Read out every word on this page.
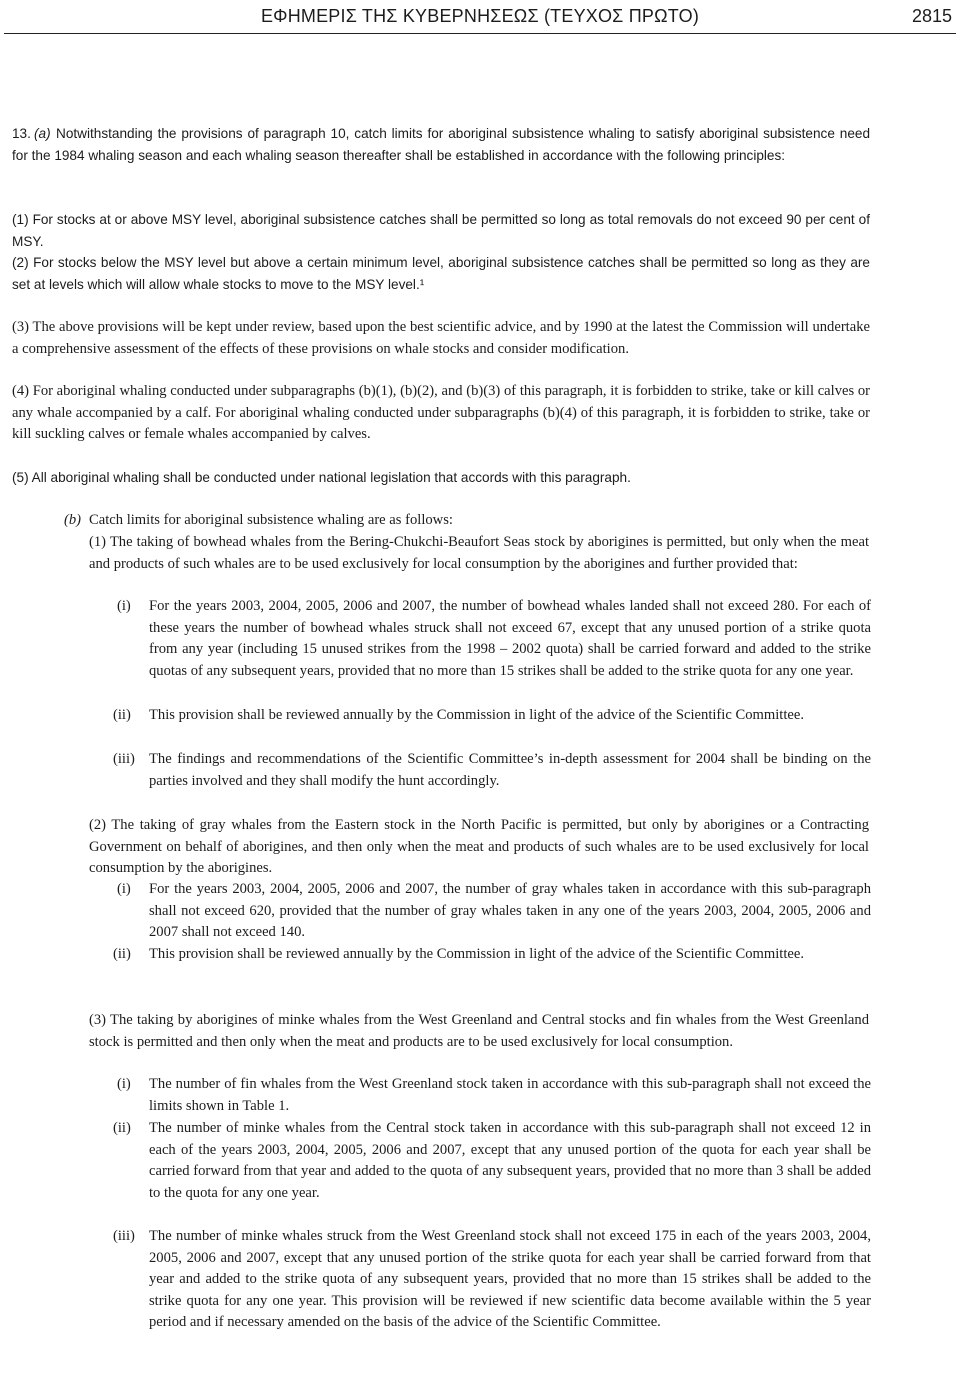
ΕΦΗΜΕΡΙΣ ΤΗΣ ΚΥΒΕΡΝΗΣΕΩΣ (ΤΕΥΧΟΣ ΠΡΩΤΟ)	2815
13. (a) Notwithstanding the provisions of paragraph 10, catch limits for aboriginal subsistence whaling to satisfy aboriginal subsistence need for the 1984 whaling season and each whaling season thereafter shall be established in accordance with the following principles:

(1) For stocks at or above MSY level, aboriginal subsistence catches shall be permitted so long as total removals do not exceed 90 per cent of MSY.

(2) For stocks below the MSY level but above a certain minimum level, aboriginal subsistence catches shall be permitted so long as they are set at levels which will allow whale stocks to move to the MSY level.¹

(3) The above provisions will be kept under review, based upon the best scientific advice, and by 1990 at the latest the Commission will undertake a comprehensive assessment of the effects of these provisions on whale stocks and consider modification.

(4) For aboriginal whaling conducted under subparagraphs (b)(1), (b)(2), and (b)(3) of this paragraph, it is forbidden to strike, take or kill calves or any whale accompanied by a calf. For aboriginal whaling conducted under subparagraphs (b)(4) of this paragraph, it is forbidden to strike, take or kill suckling calves or female whales accompanied by calves.

(5) All aboriginal whaling shall be conducted under national legislation that accords with this paragraph.

(b) Catch limits for aboriginal subsistence whaling are as follows:

(1) The taking of bowhead whales from the Bering-Chukchi-Beaufort Seas stock by aborigines is permitted, but only when the meat and products of such whales are to be used exclusively for local consumption by the aborigines and further provided that:

(i) For the years 2003, 2004, 2005, 2006 and 2007, the number of bowhead whales landed shall not exceed 280. For each of these years the number of bowhead whales struck shall not exceed 67, except that any unused portion of a strike quota from any year (including 15 unused strikes from the 1998 – 2002 quota) shall be carried forward and added to the strike quotas of any subsequent years, provided that no more than 15 strikes shall be added to the strike quota for any one year.

(ii) This provision shall be reviewed annually by the Commission in light of the advice of the Scientific Committee.

(iii) The findings and recommendations of the Scientific Committee’s in-depth assessment for 2004 shall be binding on the parties involved and they shall modify the hunt accordingly.

(2) The taking of gray whales from the Eastern stock in the North Pacific is permitted, but only by aborigines or a Contracting Government on behalf of aborigines, and then only when the meat and products of such whales are to be used exclusively for local consumption by the aborigines.

(i) For the years 2003, 2004, 2005, 2006 and 2007, the number of gray whales taken in accordance with this sub-paragraph shall not exceed 620, provided that the number of gray whales taken in any one of the years 2003, 2004, 2005, 2006 and 2007 shall not exceed 140.

(ii) This provision shall be reviewed annually by the Commission in light of the advice of the Scientific Committee.

(3) The taking by aborigines of minke whales from the West Greenland and Central stocks and fin whales from the West Greenland stock is permitted and then only when the meat and products are to be used exclusively for local consumption.

(i) The number of fin whales from the West Greenland stock taken in accordance with this sub-paragraph shall not exceed the limits shown in Table 1.

(ii) The number of minke whales from the Central stock taken in accordance with this sub-paragraph shall not exceed 12 in each of the years 2003, 2004, 2005, 2006 and 2007, except that any unused portion of the quota for each year shall be carried forward from that year and added to the quota of any subsequent years, provided that no more than 3 shall be added to the quota for any one year.

(iii) The number of minke whales struck from the West Greenland stock shall not exceed 175 in each of the years 2003, 2004, 2005, 2006 and 2007, except that any unused portion of the strike quota for each year shall be carried forward from that year and added to the strike quota of any subsequent years, provided that no more than 15 strikes shall be added to the strike quota for any one year. This provision will be reviewed if new scientific data become available within the 5 year period and if necessary amended on the basis of the advice of the Scientific Committee.
